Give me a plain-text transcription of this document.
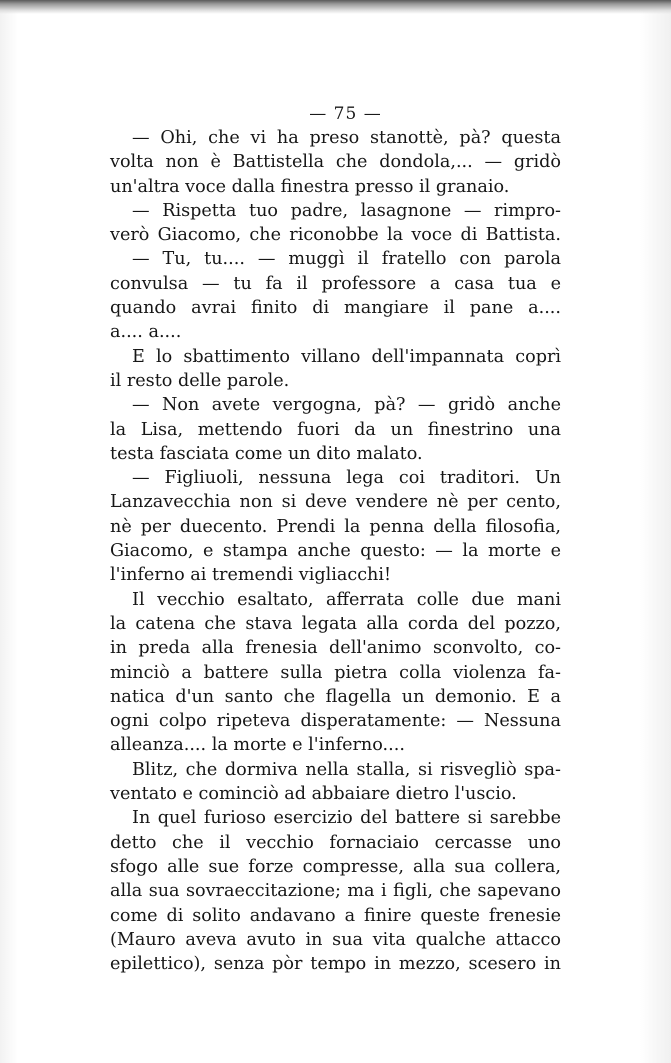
— 75 —
— Ohi, che vi ha preso stanottè, pà? questa
volta non è Battistella che dondola,... — gridò
un'altra voce dalla finestra presso il granaio.
— Rispetta tuo padre, lasagnone — rimpro-
verò Giacomo, che riconobbe la voce di Battista.
— Tu, tu.... — muggì il fratello con parola
convulsa — tu fa il professore a casa tua e
quando avrai finito di mangiare il pane a....
a.... a....
E lo sbattimento villano dell'impannata coprì
il resto delle parole.
— Non avete vergogna, pà? — gridò anche
la Lisa, mettendo fuori da un finestrino una
testa fasciata come un dito malato.
— Figliuoli, nessuna lega coi traditori. Un
Lanzavecchia non si deve vendere nè per cento,
nè per duecento. Prendi la penna della filosofia,
Giacomo, e stampa anche questo: — la morte e
l'inferno ai tremendi vigliacchi!
Il vecchio esaltato, afferrata colle due mani
la catena che stava legata alla corda del pozzo,
in preda alla frenesia dell'animo sconvolto, co-
minciò a battere sulla pietra colla violenza fa-
natica d'un santo che flagella un demonio. E a
ogni colpo ripeteva disperatamente: — Nessuna
alleanza.... la morte e l'inferno....
Blitz, che dormiva nella stalla, si risvegliò spa-
ventato e cominciò ad abbaiare dietro l'uscio.
In quel furioso esercizio del battere si sarebbe
detto che il vecchio fornaciaio cercasse uno
sfogo alle sue forze compresse, alla sua collera,
alla sua sovraeccitazione; ma i figli, che sapevano
come di solito andavano a finire queste frenesie
(Mauro aveva avuto in sua vita qualche attacco
epilettico), senza pòr tempo in mezzo, scesero in
